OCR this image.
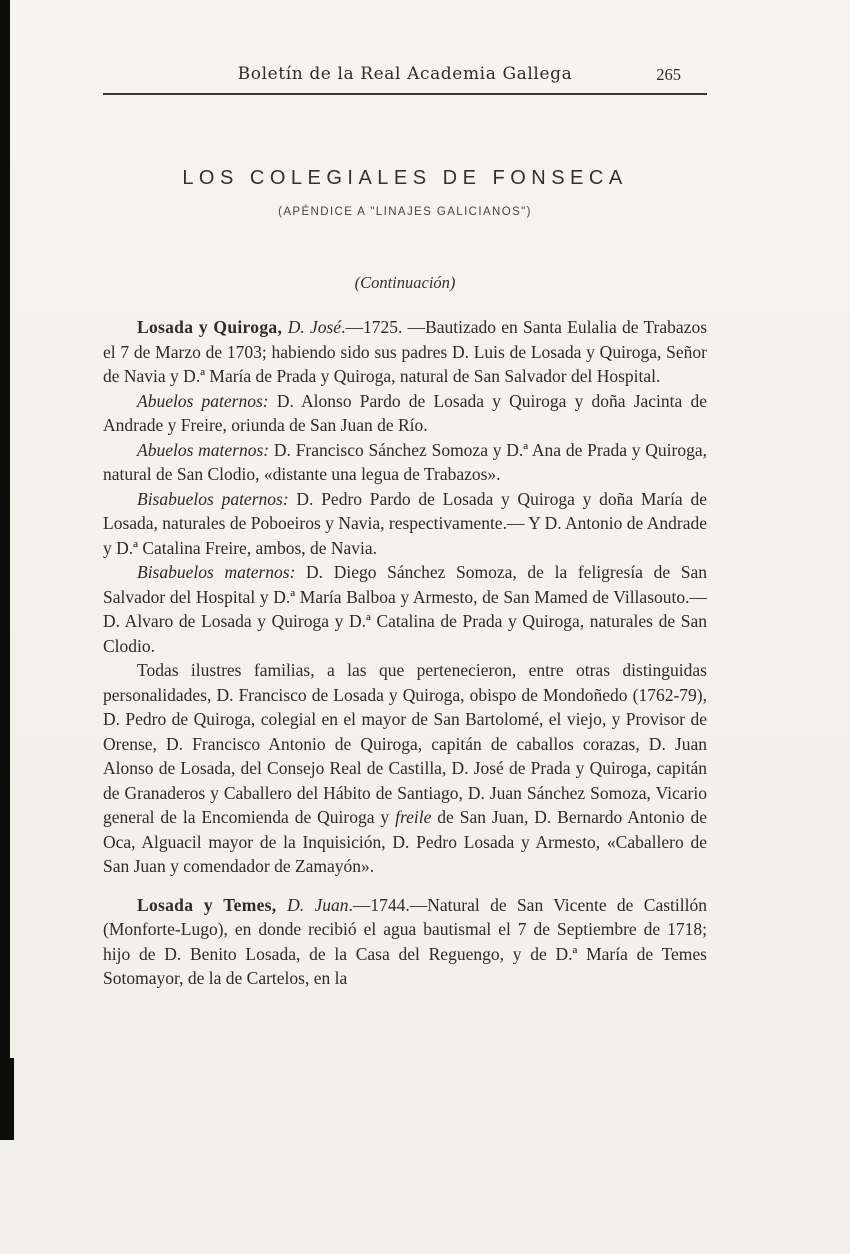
Boletín de la Real Academia Gallega	265
LOS COLEGIALES DE FONSECA
(APÉNDICE A "LINAJES GALICIANOS")
(Continuación)

Losada y Quiroga, D. José.—1725. —Bautizado en Santa Eulalia de Trabazos el 7 de Marzo de 1703; habiendo sido sus padres D. Luis de Losada y Quiroga, Señor de Navia y D.ª María de Prada y Quiroga, natural de San Salvador del Hospital.

Abuelos paternos: D. Alonso Pardo de Losada y Quiroga y doña Jacinta de Andrade y Freire, oriunda de San Juan de Río.

Abuelos maternos: D. Francisco Sánchez Somoza y D.ª Ana de Prada y Quiroga, natural de San Clodio, «distante una legua de Trabazos».

Bisabuelos paternos: D. Pedro Pardo de Losada y Quiroga y doña María de Losada, naturales de Poboeiros y Navia, respectivamente.— Y D. Antonio de Andrade y D.ª Catalina Freire, ambos, de Navia.

Bisabuelos maternos: D. Diego Sánchez Somoza, de la feligresía de San Salvador del Hospital y D.ª María Balboa y Armesto, de San Mamed de Villasouto.—D. Alvaro de Losada y Quiroga y D.ª Catalina de Prada y Quiroga, naturales de San Clodio.

Todas ilustres familias, a las que pertenecieron, entre otras distinguidas personalidades, D. Francisco de Losada y Quiroga, obispo de Mondoñedo (1762-79), D. Pedro de Quiroga, colegial en el mayor de San Bartolomé, el viejo, y Provisor de Orense, D. Francisco Antonio de Quiroga, capitán de caballos corazas, D. Juan Alonso de Losada, del Consejo Real de Castilla, D. José de Prada y Quiroga, capitán de Granaderos y Caballero del Hábito de Santiago, D. Juan Sánchez Somoza, Vicario general de la Encomienda de Quiroga y freile de San Juan, D. Bernardo Antonio de Oca, Alguacil mayor de la Inquisición, D. Pedro Losada y Armesto, «Caballero de San Juan y comendador de Zamayón».

Losada y Temes, D. Juan.—1744.—Natural de San Vicente de Castillón (Monforte-Lugo), en donde recibió el agua bautismal el 7 de Septiembre de 1718; hijo de D. Benito Losada, de la Casa del Reguengo, y de D.ª María de Temes Sotomayor, de la de Cartelos, en la
